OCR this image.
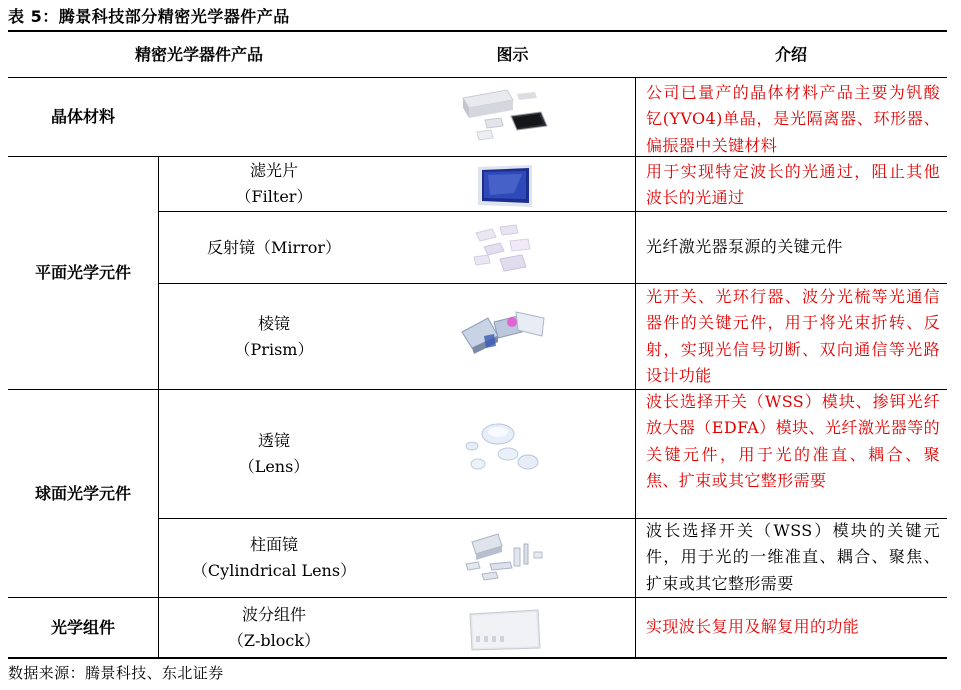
表 5：腾景科技部分精密光学器件产品
精密光学器件产品	图示	介绍
晶体材料
平面光学元件
球面光学元件
光学组件
滤光片
（Filter）
反射镜（Mirror）
棱镜
（Prism）
透镜
（Lens）
柱面镜
（Cylindrical Lens）
波分组件
（Z-block）
公司已量产的晶体材料产品主要为钒酸钇(YVO4)单晶，是光隔离器、环形器、偏振器中关键材料
用于实现特定波长的光通过，阻止其他波长的光通过
光纤激光器泵源的关键元件
光开关、光环行器、波分光梳等光通信器件的关键元件，用于将光束折转、反射，实现光信号切断、双向通信等光路设计功能
波长选择开关（WSS）模块、掺铒光纤放大器（EDFA）模块、光纤激光器等的关键元件，用于光的准直、耦合、聚焦、扩束或其它整形需要
波长选择开关（WSS）模块的关键元件，用于光的一维准直、耦合、聚焦、扩束或其它整形需要
实现波长复用及解复用的功能
数据来源：腾景科技、东北证券
